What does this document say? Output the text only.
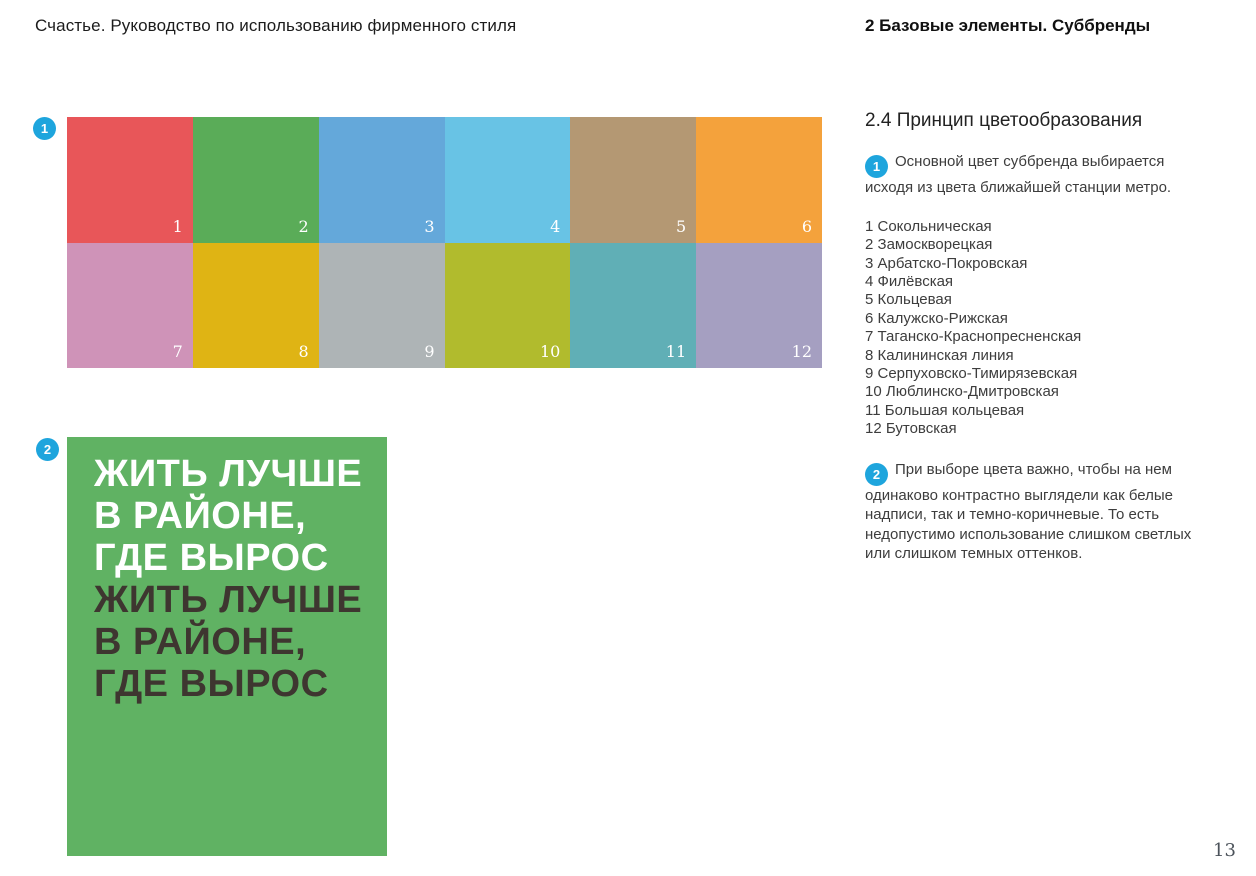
Счастье. Руководство по использованию фирменного стиля	2 Базовые элементы. Суббренды
1
1	2	3	4	5	6
7	8	9	10	11	12
2
ЖИТЬ ЛУЧШЕ
В РАЙОНЕ,
ГДЕ ВЫРОС
ЖИТЬ ЛУЧШЕ
В РАЙОНЕ,
ГДЕ ВЫРОС
2.4 Принцип цветообразования
1 Основной цвет суббренда выбирается исходя из цвета ближайшей станции метро.
1 Сокольническая
2 Замоскворецкая
3 Арбатско-Покровская
4 Филёвская
5 Кольцевая
6 Калужско-Рижская
7 Таганско-Краснопресненская
8 Калининская линия
9 Серпуховско-Тимирязевская
10 Люблинско-Дмитровская
11 Большая кольцевая
12 Бутовская
2 При выборе цвета важно, чтобы на нем одинаково контрастно выглядели как белые надписи, так и темно-коричневые. То есть недопустимо использование слишком светлых или слишком темных оттенков.
13
